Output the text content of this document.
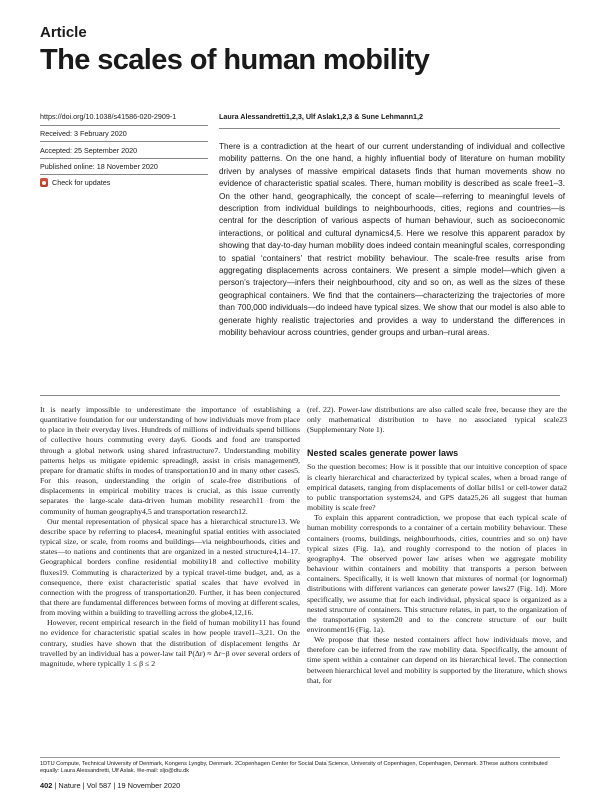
Article
The scales of human mobility
https://doi.org/10.1038/s41586-020-2909-1
Received: 3 February 2020
Accepted: 25 September 2020
Published online: 18 November 2020
Check for updates
Laura Alessandretti1,2,3, Ulf Aslak1,2,3 & Sune Lehmann1,2
There is a contradiction at the heart of our current understanding of individual and collective mobility patterns. On the one hand, a highly influential body of literature on human mobility driven by analyses of massive empirical datasets finds that human movements show no evidence of characteristic spatial scales. There, human mobility is described as scale free1–3. On the other hand, geographically, the concept of scale—referring to meaningful levels of description from individual buildings to neighbourhoods, cities, regions and countries—is central for the description of various aspects of human behaviour, such as socioeconomic interactions, or political and cultural dynamics4,5. Here we resolve this apparent paradox by showing that day-to-day human mobility does indeed contain meaningful scales, corresponding to spatial ‘containers’ that restrict mobility behaviour. The scale-free results arise from aggregating displacements across containers. We present a simple model—which given a person’s trajectory—infers their neighbourhood, city and so on, as well as the sizes of these geographical containers. We find that the containers—characterizing the trajectories of more than 700,000 individuals—do indeed have typical sizes. We show that our model is also able to generate highly realistic trajectories and provides a way to understand the differences in mobility behaviour across countries, gender groups and urban–rural areas.

It is nearly impossible to underestimate the importance of establishing a quantitative foundation for our understanding of how individuals move from place to place in their everyday lives. Hundreds of millions of individuals spend billions of collective hours commuting every day6. Goods and food are transported through a global network using shared infrastructure7. Understanding mobility patterns helps us mitigate epidemic spreading8, assist in crisis management9, prepare for dramatic shifts in modes of transportation10 and in many other cases5. For this reason, understanding the origin of scale-free distributions of displacements in empirical mobility traces is crucial, as this issue currently separates the large-scale data-driven human mobility research11 from the community of human geography4,5 and transportation research12.

Our mental representation of physical space has a hierarchical structure13. We describe space by referring to places4, meaningful spatial entities with associated typical size, or scale, from rooms and buildings—via neighbourhoods, cities and states—to nations and continents that are organized in a nested structure4,14–17. Geographical borders confine residential mobility18 and collective mobility fluxes19. Commuting is characterized by a typical travel-time budget, and, as a consequence, there exist characteristic spatial scales that have evolved in connection with the progress of transportation20. Further, it has been conjectured that there are fundamental differences between forms of moving at different scales, from moving within a building to travelling across the globe4,12,16.

However, recent empirical research in the field of human mobility11 has found no evidence for characteristic spatial scales in how people travel1–3,21. On the contrary, studies have shown that the distribution of displacement lengths Δr travelled by an individual has a power-law tail P(Δr) ≈ Δr−β over several orders of magnitude, where typically 1 ≤ β ≤ 2

(ref. 22). Power-law distributions are also called scale free, because they are the only mathematical distribution to have no associated typical scale23 (Supplementary Note 1).

Nested scales generate power laws

So the question becomes: How is it possible that our intuitive conception of space is clearly hierarchical and characterized by typical scales, when a broad range of empirical datasets, ranging from displacements of dollar bills1 or cell-tower data2 to public transportation systems24, and GPS data25,26 all suggest that human mobility is scale free?

To explain this apparent contradiction, we propose that each typical scale of human mobility corresponds to a container of a certain mobility behaviour. These containers (rooms, buildings, neighbourhoods, cities, countries and so on) have typical sizes (Fig. 1a), and roughly correspond to the notion of places in geography4. The observed power law arises when we aggregate mobility behaviour within containers and mobility that transports a person between containers. Specifically, it is well known that mixtures of normal (or lognormal) distributions with different variances can generate power laws27 (Fig. 1d). More specifically, we assume that for each individual, physical space is organized as a nested structure of containers. This structure relates, in part, to the organization of the transportation system20 and to the concrete structure of our built environment16 (Fig. 1a).

We propose that these nested containers affect how individuals move, and therefore can be inferred from the raw mobility data. Specifically, the amount of time spent within a container can depend on its hierarchical level. The connection between hierarchical level and mobility is supported by the literature, which shows that, for

1DTU Compute, Technical University of Denmark, Kongens Lyngby, Denmark. 2Copenhagen Center for Social Data Science, University of Copenhagen, Copenhagen, Denmark. 3These authors contributed equally: Laura Alessandretti, Ulf Aslak. ✉e-mail: sljo@dtu.dk
402 | Nature | Vol 587 | 19 November 2020
